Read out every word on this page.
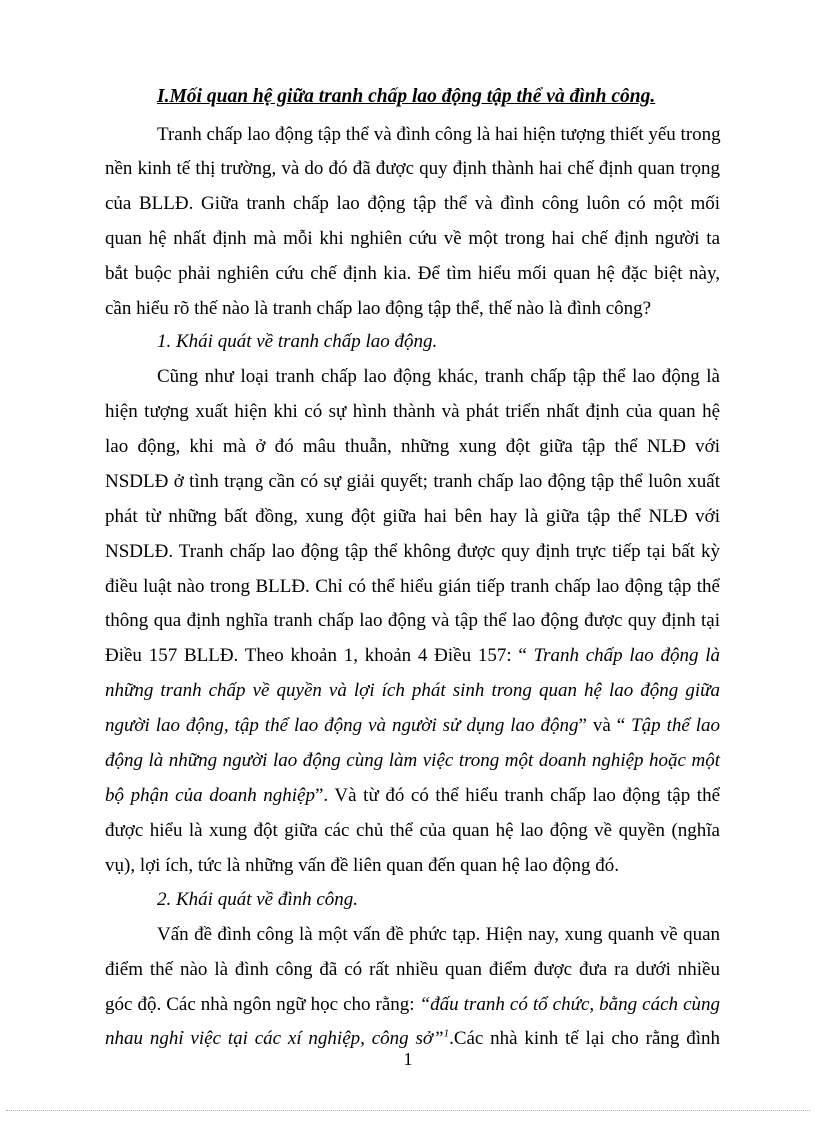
I.Mối quan hệ giữa tranh chấp lao động tập thể và đình công.
Tranh chấp lao động tập thể và đình công là hai hiện tượng thiết yếu trong
nền kinh tế thị trường, và do đó đã được quy định thành hai chế định quan trọng
của BLLĐ. Giữa tranh chấp lao động tập thể và đình công luôn có một mối
quan hệ nhất định mà mỗi khi nghiên cứu về một trong hai chế định người ta
bắt buộc phải nghiên cứu chế định kia. Để tìm hiểu mối quan hệ đặc biệt này,
cần hiểu rõ thế nào là tranh chấp lao động tập thể, thế nào là đình công?
1. Khái quát về tranh chấp lao động.
Cũng như loại tranh chấp lao động khác, tranh chấp tập thể lao động là
hiện tượng xuất hiện khi có sự hình thành và phát triển nhất định của quan hệ
lao động, khi mà ở đó mâu thuẫn, những xung đột giữa tập thể NLĐ với
NSDLĐ ở tình trạng cần có sự giải quyết; tranh chấp lao động tập thể luôn xuất
phát từ những bất đồng, xung đột giữa hai bên hay là giữa tập thể NLĐ với
NSDLĐ. Tranh chấp lao động tập thể không được quy định trực tiếp tại bất kỳ
điều luật nào trong BLLĐ. Chỉ có thể hiểu gián tiếp tranh chấp lao động tập thể
thông qua định nghĩa tranh chấp lao động và tập thể lao động được quy định tại
Điều 157 BLLĐ. Theo khoản 1, khoản 4 Điều 157: “ Tranh chấp lao động là
những tranh chấp về quyền và lợi ích phát sinh trong quan hệ lao động giữa
người lao động, tập thể lao động và người sử dụng lao động” và “ Tập thể lao
động là những người lao động cùng làm việc trong một doanh nghiệp hoặc một
bộ phận của doanh nghiệp”. Và từ đó có thể hiểu tranh chấp lao động tập thể
được hiểu là xung đột giữa các chủ thể của quan hệ lao động về quyền (nghĩa
vụ), lợi ích, tức là những vấn đề liên quan đến quan hệ lao động đó.
2. Khái quát về đình công.
Vấn đề đình công là một vấn đề phức tạp. Hiện nay, xung quanh về quan
điểm thế nào là đình công đã có rất nhiều quan điểm được đưa ra dưới nhiều
góc độ. Các nhà ngôn ngữ học cho rằng: “đấu tranh có tổ chức, bằng cách cùng
nhau nghỉ việc tại các xí nghiệp, công sở”$^1$.Các nhà kinh tế lại cho rằng đình
1
